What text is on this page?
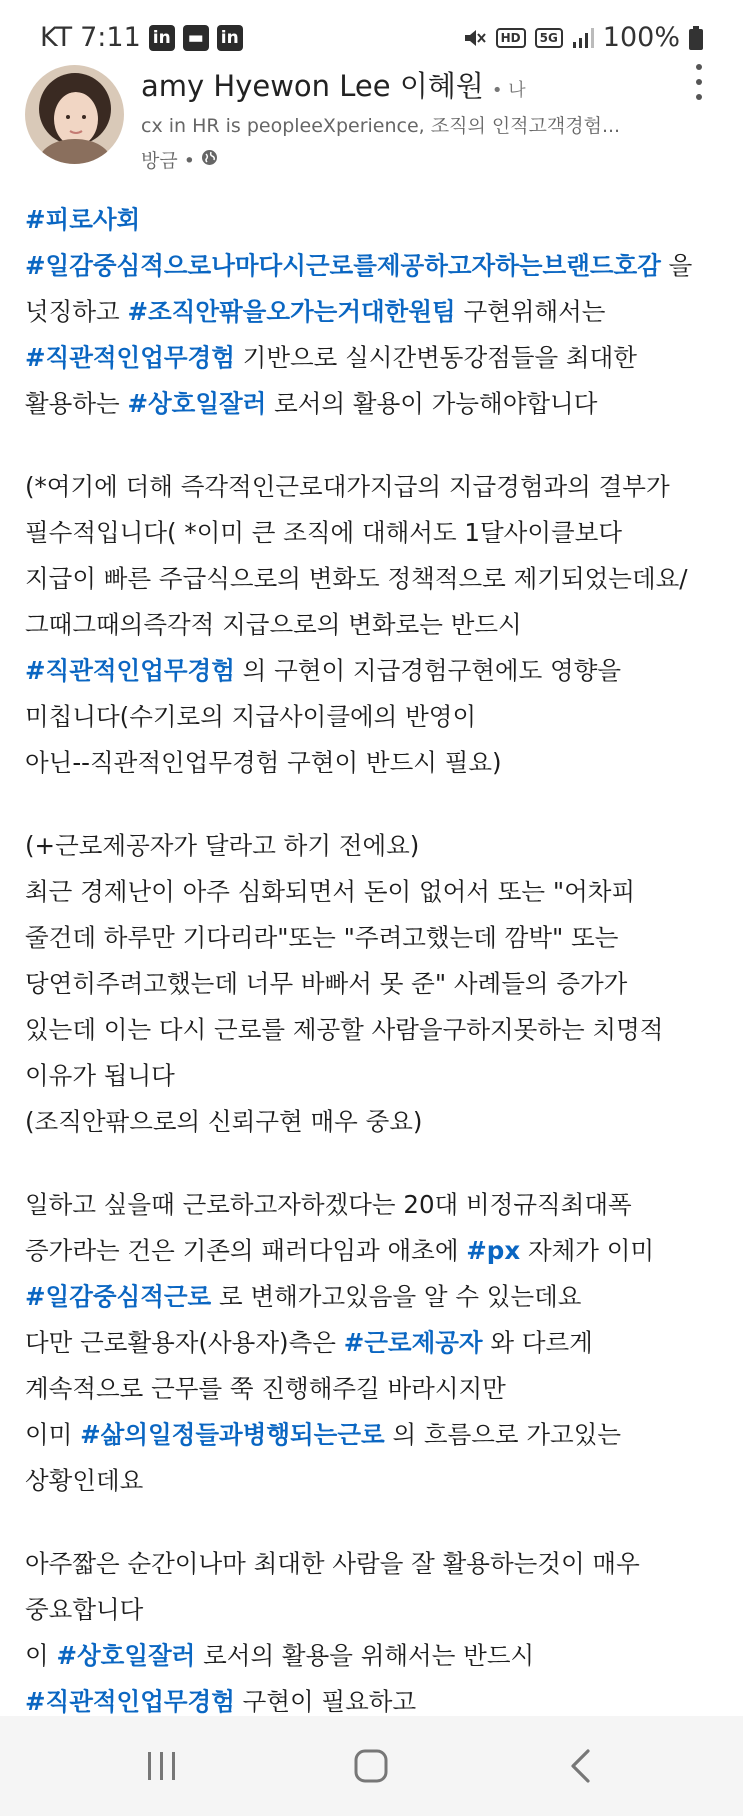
KT 7:11 in ▬ in	HD	5G 100%
amy Hyewon Lee 이혜원 • 나
cx in HR is peopleeXperience, 조직의 인적고객경험...
방금 •
#피로사회
#일감중심적으로나마다시근로를제공하고자하는브랜드호감 을
넛징하고 #조직안팎을오가는거대한원팀 구현위해서는
#직관적인업무경험 기반으로 실시간변동강점들을 최대한
활용하는 #상호일잘러 로서의 활용이 가능해야합니다
(*여기에 더해 즉각적인근로대가지급의 지급경험과의 결부가
필수적입니다( *이미 큰 조직에 대해서도 1달사이클보다
지급이 빠른 주급식으로의 변화도 정책적으로 제기되었는데요/
그때그때의즉각적 지급으로의 변화로는 반드시
#직관적인업무경험 의 구현이 지급경험구현에도 영향을
미칩니다(수기로의 지급사이클에의 반영이
아닌--직관적인업무경험 구현이 반드시 필요)
(+근로제공자가 달라고 하기 전에요)
최근 경제난이 아주 심화되면서 돈이 없어서 또는 "어차피
줄건데 하루만 기다리라"또는 "주려고했는데 깜박" 또는
당연히주려고했는데 너무 바빠서 못 준" 사례들의 증가가
있는데 이는 다시 근로를 제공할 사람을구하지못하는 치명적
이유가 됩니다
(조직안팎으로의 신뢰구현 매우 중요)
일하고 싶을때 근로하고자하겠다는 20대 비정규직최대폭
증가라는 건은 기존의 패러다임과 애초에 #px 자체가 이미
#일감중심적근로 로 변해가고있음을 알 수 있는데요
다만 근로활용자(사용자)측은 #근로제공자 와 다르게
계속적으로 근무를 쭉 진행해주길 바라시지만
이미 #삶의일정들과병행되는근로 의 흐름으로 가고있는
상황인데요
아주짧은 순간이나마 최대한 사람을 잘 활용하는것이 매우
중요합니다
이 #상호일잘러 로서의 활용을 위해서는 반드시
#직관적인업무경험 구현이 필요하고
